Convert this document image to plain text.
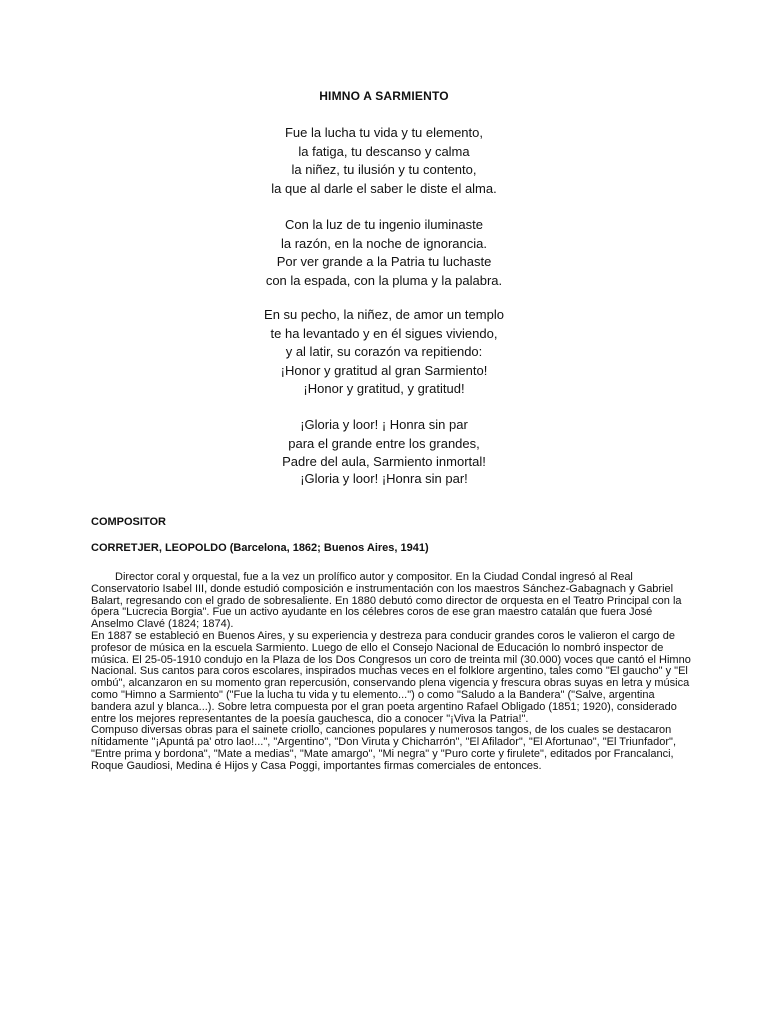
HIMNO A SARMIENTO
Fue la lucha tu vida y tu elemento,
la fatiga, tu descanso y calma
la niñez, tu ilusión y tu contento,
la que al darle el saber le diste el alma.
Con la luz de tu ingenio iluminaste
la razón, en la noche de ignorancia.
Por ver grande a la Patria tu luchaste
con la espada, con la pluma y la palabra.
En su pecho, la niñez, de amor un templo
te ha levantado y en él sigues viviendo,
y al latir, su corazón va repitiendo:
¡Honor y gratitud al gran Sarmiento!
¡Honor y gratitud, y gratitud!
¡Gloria y loor! ¡ Honra sin par
para el grande entre los grandes,
Padre del aula, Sarmiento inmortal!
¡Gloria y loor! ¡Honra sin par!
COMPOSITOR
CORRETJER, LEOPOLDO (Barcelona, 1862; Buenos Aires, 1941)

Director coral y orquestal, fue a la vez un prolífico autor y compositor. En la Ciudad Condal ingresó al Real Conservatorio Isabel III, donde estudió composición e instrumentación con los maestros Sánchez-Gabagnach y Gabriel Balart, regresando con el grado de sobresaliente. En 1880 debutó como director de orquesta en el Teatro Principal con la ópera "Lucrecia Borgia". Fue un activo ayudante en los célebres coros de ese gran maestro catalán que fuera José Anselmo Clavé (1824; 1874).

En 1887 se estableció en Buenos Aires, y su experiencia y destreza para conducir grandes coros le valieron el cargo de profesor de música en la escuela Sarmiento. Luego de ello el Consejo Nacional de Educación lo nombró inspector de música. El 25-05-1910 condujo en la Plaza de los Dos Congresos un coro de treinta mil (30.000) voces que cantó el Himno Nacional. Sus cantos para coros escolares, inspirados muchas veces en el folklore argentino, tales como "El gaucho" y "El ombú", alcanzaron en su momento gran repercusión, conservando plena vigencia y frescura obras suyas en letra y música como "Himno a Sarmiento" ("Fue la lucha tu vida y tu elemento...") o como "Saludo a la Bandera" ("Salve, argentina bandera azul y blanca...). Sobre letra compuesta por el gran poeta argentino Rafael Obligado (1851; 1920), considerado entre los mejores representantes de la poesía gauchesca, dio a conocer "¡Viva la Patria!".

Compuso diversas obras para el sainete criollo, canciones populares y numerosos tangos, de los cuales se destacaron nítidamente "¡Apuntá pa' otro lao!...", "Argentino", "Don Viruta y Chicharrón", "El Afilador", "El Afortunao", "El Triunfador", "Entre prima y bordona", "Mate a medias", "Mate amargo", "Mi negra" y "Puro corte y firulete", editados por Francalanci, Roque Gaudiosi, Medina é Hijos y Casa Poggi, importantes firmas comerciales de entonces.
